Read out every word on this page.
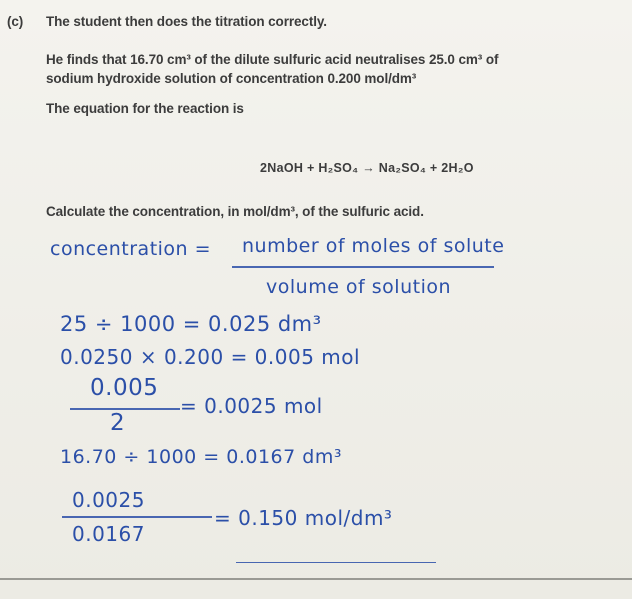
(c) The student then does the titration correctly.
He finds that 16.70 cm³ of the dilute sulfuric acid neutralises 25.0 cm³ of
sodium hydroxide solution of concentration 0.200 mol/dm³
The equation for the reaction is
2NaOH + H₂SO₄ → Na₂SO₄ + 2H₂O
Calculate the concentration, in mol/dm³, of the sulfuric acid.
concentration = number of moles of solute
volume of solution
25 ÷ 1000 = 0.025 dm³
0.0250 × 0.200 = 0.005 mol
0.005
2
= 0.0025 mol
16.70 ÷ 1000 = 0.0167 dm³
0.0025
0.0167
= 0.150 mol/dm³
